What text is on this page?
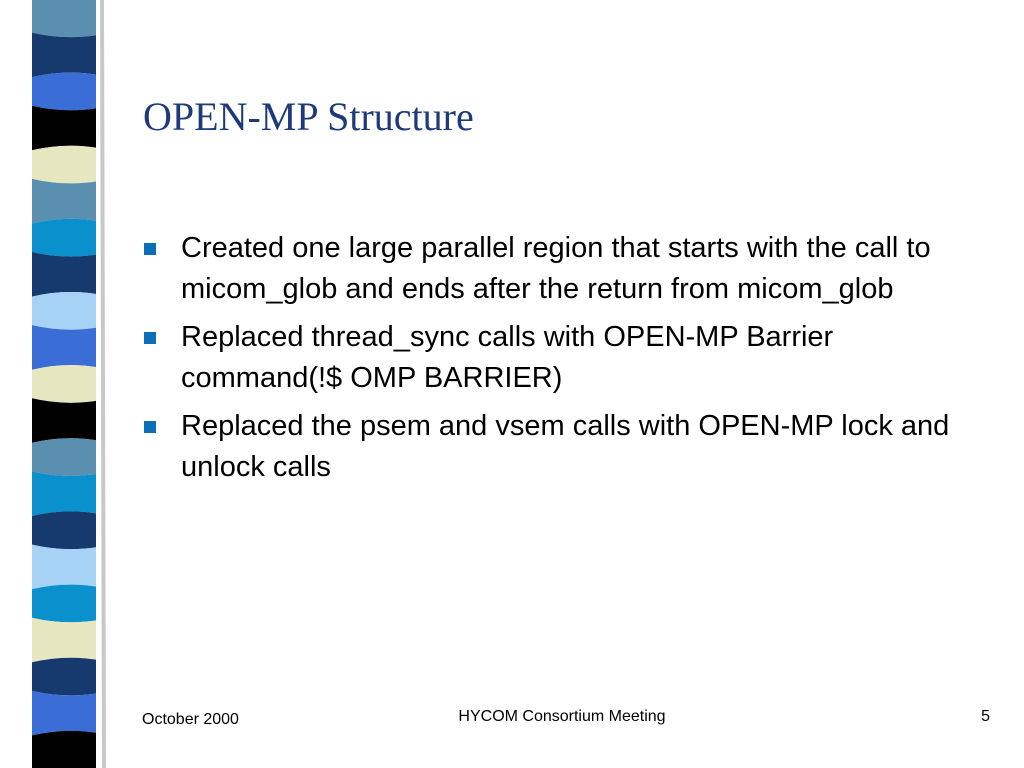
OPEN-MP Structure
Created one large parallel region that starts with the call to micom_glob and ends after the return from micom_glob
Replaced thread_sync calls with OPEN-MP Barrier command(!$ OMP BARRIER)
Replaced the psem and vsem calls with OPEN-MP lock and unlock calls
October 2000	HYCOM Consortium Meeting	5
